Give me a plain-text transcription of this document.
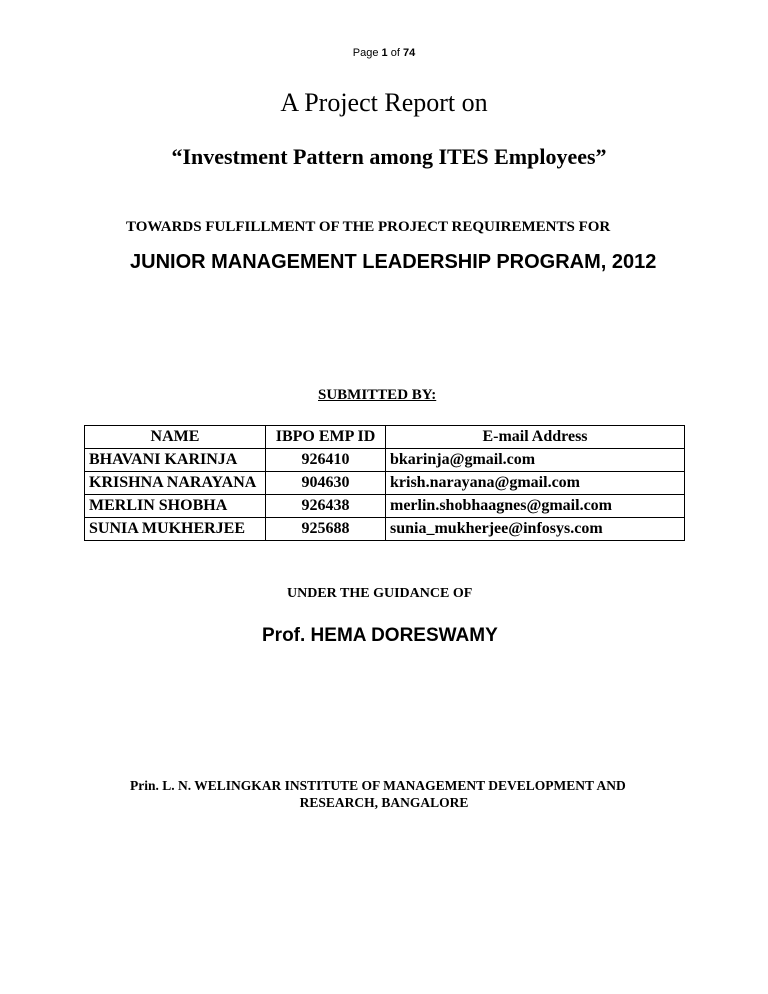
Page 1 of 74
A Project Report on
“Investment Pattern among ITES Employees”
TOWARDS FULFILLMENT OF THE PROJECT REQUIREMENTS FOR
JUNIOR MANAGEMENT LEADERSHIP PROGRAM, 2012
SUBMITTED BY:
NAME	IBPO EMP ID	E-mail Address
BHAVANI KARINJA	926410	bkarinja@gmail.com
KRISHNA NARAYANA	904630	krish.narayana@gmail.com
MERLIN SHOBHA	926438	merlin.shobhaagnes@gmail.com
SUNIA MUKHERJEE	925688	sunia_mukherjee@infosys.com
UNDER THE GUIDANCE OF
Prof. HEMA DORESWAMY
Prin. L. N. WELINGKAR INSTITUTE OF MANAGEMENT DEVELOPMENT AND
RESEARCH, BANGALORE
